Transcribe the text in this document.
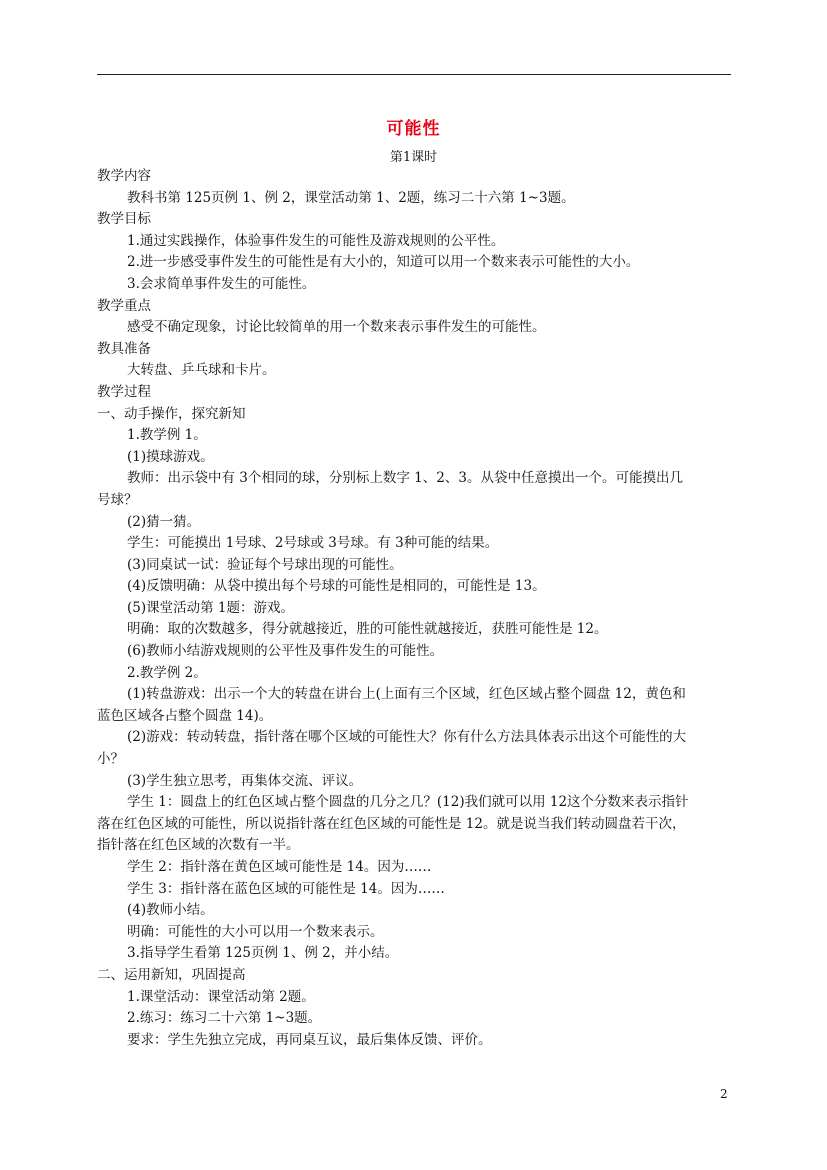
可能性
第1课时
教学内容
教科书第 125页例 1、例 2，课堂活动第 1、2题，练习二十六第 1~3题。
教学目标
1.通过实践操作，体验事件发生的可能性及游戏规则的公平性。
2.进一步感受事件发生的可能性是有大小的，知道可以用一个数来表示可能性的大小。
3.会求简单事件发生的可能性。
教学重点
感受不确定现象，讨论比较简单的用一个数来表示事件发生的可能性。
教具准备
大转盘、乒乓球和卡片。
教学过程
一、动手操作，探究新知
1.教学例 1。
(1)摸球游戏。
教师：出示袋中有 3个相同的球，分别标上数字 1、2、3。从袋中任意摸出一个。可能摸出几
号球？
(2)猜一猜。
学生：可能摸出 1号球、2号球或 3号球。有 3种可能的结果。
(3)同桌试一试：验证每个号球出现的可能性。
(4)反馈明确：从袋中摸出每个号球的可能性是相同的，可能性是 13。
(5)课堂活动第 1题：游戏。
明确：取的次数越多，得分就越接近，胜的可能性就越接近，获胜可能性是 12。
(6)教师小结游戏规则的公平性及事件发生的可能性。
2.教学例 2。
(1)转盘游戏：出示一个大的转盘在讲台上(上面有三个区域，红色区域占整个圆盘 12，黄色和
蓝色区域各占整个圆盘 14)。
(2)游戏：转动转盘，指针落在哪个区域的可能性大？你有什么方法具体表示出这个可能性的大
小？
(3)学生独立思考，再集体交流、评议。
学生 1：圆盘上的红色区域占整个圆盘的几分之几？(12)我们就可以用 12这个分数来表示指针
落在红色区域的可能性，所以说指针落在红色区域的可能性是 12。就是说当我们转动圆盘若干次，
指针落在红色区域的次数有一半。
学生 2：指针落在黄色区域可能性是 14。因为……
学生 3：指针落在蓝色区域的可能性是 14。因为……
(4)教师小结。
明确：可能性的大小可以用一个数来表示。
3.指导学生看第 125页例 1、例 2，并小结。
二、运用新知，巩固提高
1.课堂活动：课堂活动第 2题。
2.练习：练习二十六第 1~3题。
要求：学生先独立完成，再同桌互议，最后集体反馈、评价。
2
